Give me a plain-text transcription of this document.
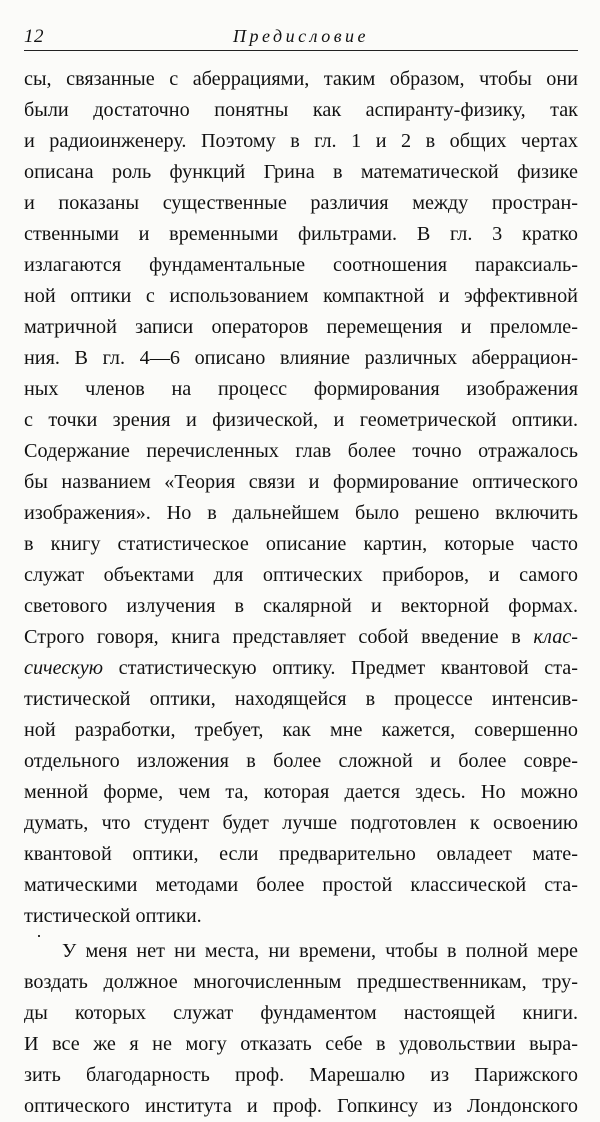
12	Предисловие
сы, связанные с аберрациями, таким образом, чтобы они
были достаточно понятны как аспиранту-физику, так
и радиоинженеру. Поэтому в гл. 1 и 2 в общих чертах
описана роль функций Грина в математической физике
и показаны существенные различия между простран-
ственными и временными фильтрами. В гл. 3 кратко
излагаются фундаментальные соотношения параксиаль-
ной оптики с использованием компактной и эффективной
матричной записи операторов перемещения и преломле-
ния. В гл. 4—6 описано влияние различных аберрацион-
ных членов на процесс формирования изображения
с точки зрения и физической, и геометрической оптики.
Содержание перечисленных глав более точно отражалось
бы названием «Теория связи и формирование оптического
изображения». Но в дальнейшем было решено включить
в книгу статистическое описание картин, которые часто
служат объектами для оптических приборов, и самого
светового излучения в скалярной и векторной формах.
Строго говоря, книга представляет собой введение в клас-
сическую статистическую оптику. Предмет квантовой ста-
тистической оптики, находящейся в процессе интенсив-
ной разработки, требует, как мне кажется, совершенно
отдельного изложения в более сложной и более совре-
менной форме, чем та, которая дается здесь. Но можно
думать, что студент будет лучше подготовлен к освоению
квантовой оптики, если предварительно овладеет мате-
матическими методами более простой классической ста-
тистической оптики.
У меня нет ни места, ни времени, чтобы в полной мере
воздать должное многочисленным предшественникам, тру-
ды которых служат фундаментом настоящей книги.
И все же я не могу отказать себе в удовольствии выра-
зить благодарность проф. Марешалю из Парижского
оптического института и проф. Гопкинсу из Лондонского
